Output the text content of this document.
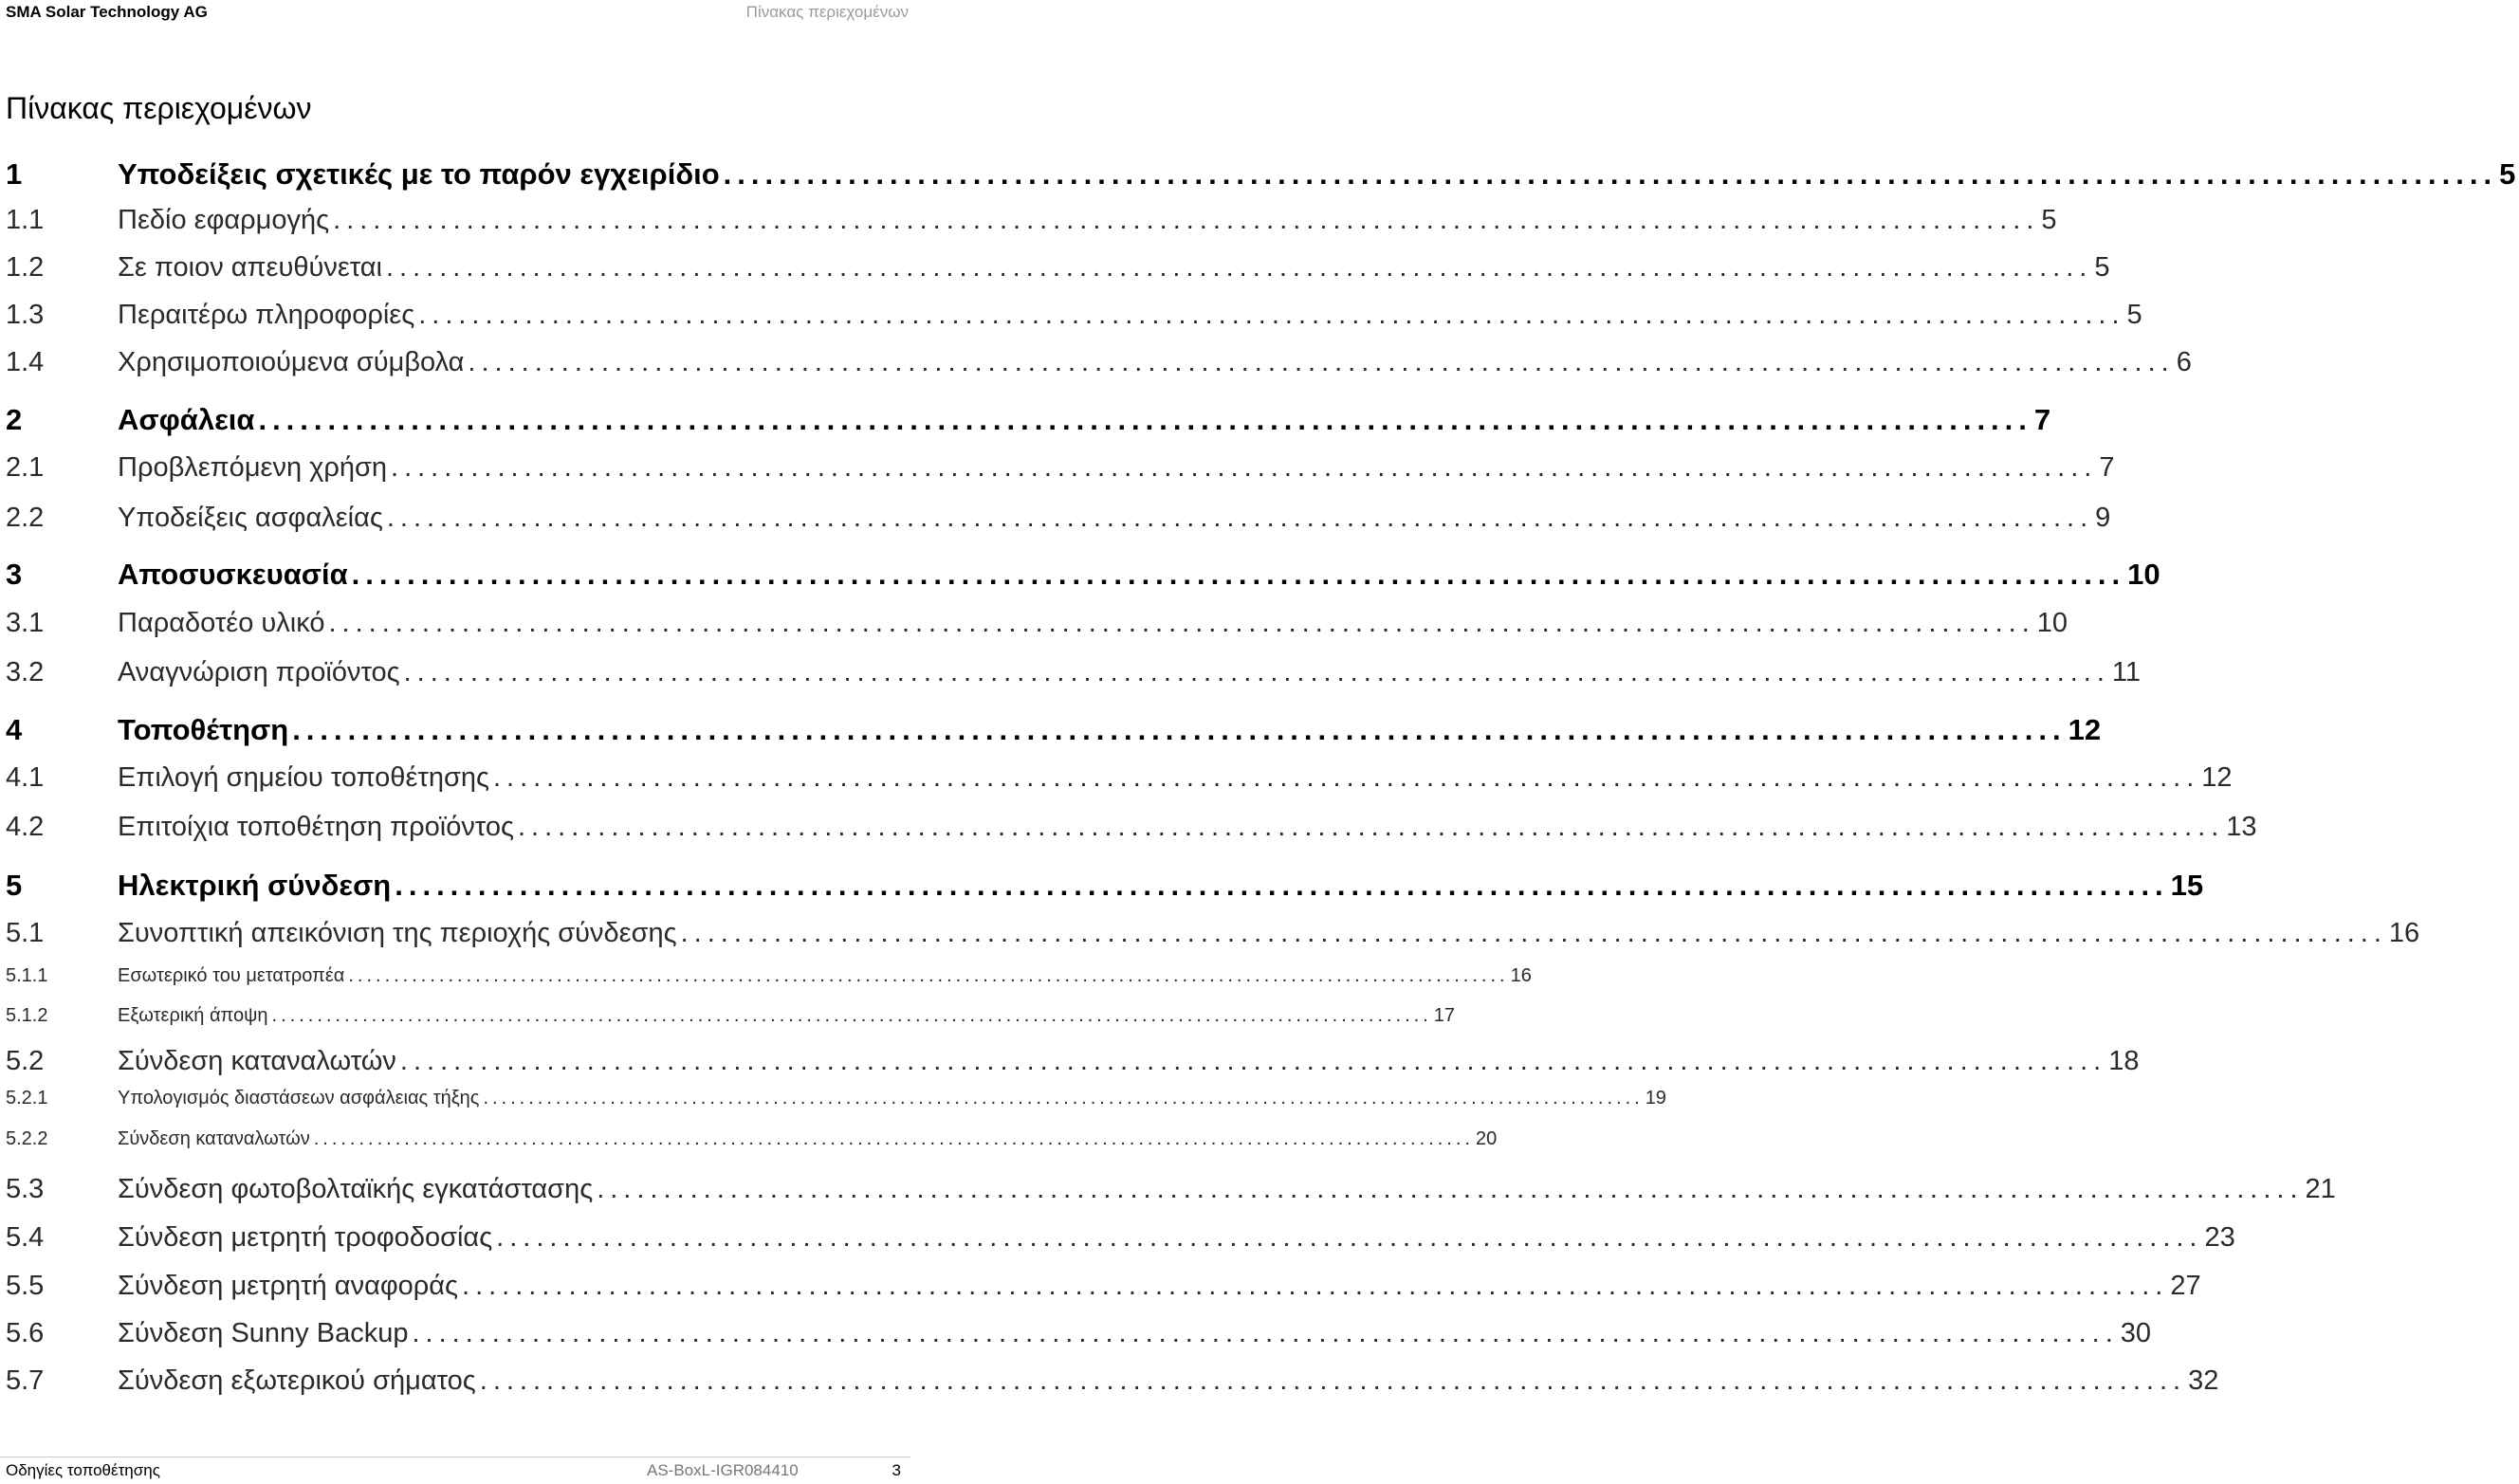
SMA Solar Technology AG	Πίνακας περιεχομένων
Πίνακας περιεχομένων
1	Υποδείξεις σχετικές με το παρόν εγχειρίδιο ................................................................................................................................ 5
1.1	Πεδίο εφαρμογής ................................................................................................................................ 5
1.2	Σε ποιον απευθύνεται ................................................................................................................................ 5
1.3	Περαιτέρω πληροφορίες ................................................................................................................................ 5
1.4	Χρησιμοποιούμενα σύμβολα ................................................................................................................................ 6
2	Ασφάλεια ................................................................................................................................ 7
2.1	Προβλεπόμενη χρήση ................................................................................................................................ 7
2.2	Υποδείξεις ασφαλείας ................................................................................................................................ 9
3	Αποσυσκευασία ................................................................................................................................ 10
3.1	Παραδοτέο υλικό ................................................................................................................................ 10
3.2	Αναγνώριση προϊόντος ................................................................................................................................ 11
4	Τοποθέτηση ................................................................................................................................ 12
4.1	Επιλογή σημείου τοποθέτησης ................................................................................................................................ 12
4.2	Επιτοίχια τοποθέτηση προϊόντος ................................................................................................................................ 13
5	Ηλεκτρική σύνδεση ................................................................................................................................ 15
5.1	Συνοπτική απεικόνιση της περιοχής σύνδεσης ................................................................................................................................ 16
5.1.1	Εσωτερικό του μετατροπέα ................................................................................................................................ 16
5.1.2	Εξωτερική άποψη ................................................................................................................................ 17
5.2	Σύνδεση καταναλωτών ................................................................................................................................ 18
5.2.1	Υπολογισμός διαστάσεων ασφάλειας τήξης ................................................................................................................................ 19
5.2.2	Σύνδεση καταναλωτών ................................................................................................................................ 20
5.3	Σύνδεση φωτοβολταϊκής εγκατάστασης ................................................................................................................................ 21
5.4	Σύνδεση μετρητή τροφοδοσίας ................................................................................................................................ 23
5.5	Σύνδεση μετρητή αναφοράς ................................................................................................................................ 27
5.6	Σύνδεση Sunny Backup ................................................................................................................................ 30
5.7	Σύνδεση εξωτερικού σήματος ................................................................................................................................ 32
Οδηγίες τοποθέτησης	AS-BoxL-IGR084410	3
